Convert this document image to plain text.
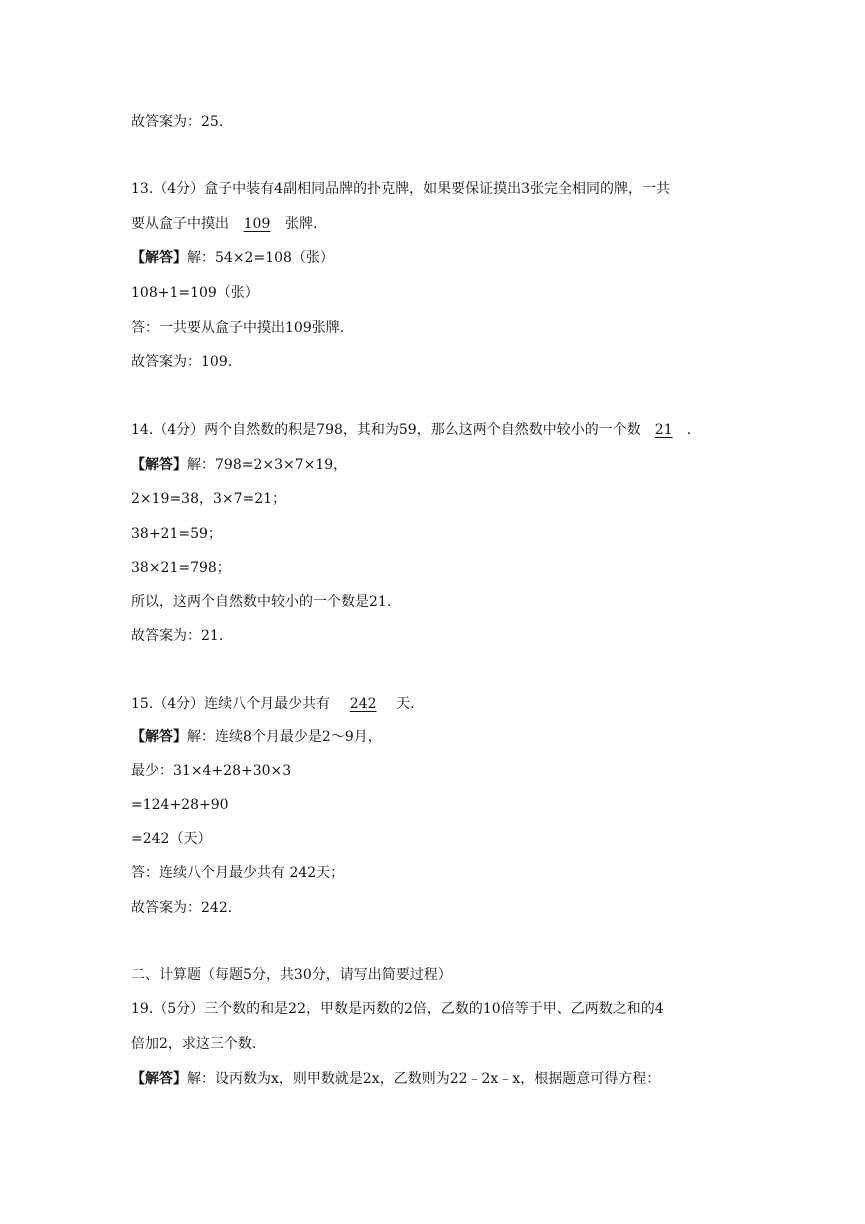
故答案为：25.
13.（4分）盒子中装有4副相同品牌的扑克牌，如果要保证摸出3张完全相同的牌，一共
要从盒子中摸出 109 张牌.
【解答】解：54×2=108（张）
108+1=109（张）
答：一共要从盒子中摸出109张牌.
故答案为：109.
14.（4分）两个自然数的积是798，其和为59，那么这两个自然数中较小的一个数 21 .
【解答】解：798=2×3×7×19，
2×19=38，3×7=21；
38+21=59；
38×21=798；
所以，这两个自然数中较小的一个数是21.
故答案为：21.
15.（4分）连续八个月最少共有 242 天.
【解答】解：连续8个月最少是2～9月，
最少：31×4+28+30×3
=124+28+90
=242（天）
答：连续八个月最少共有 242天；
故答案为：242.
二、计算题（每题5分，共30分，请写出简要过程）
19.（5分）三个数的和是22，甲数是丙数的2倍，乙数的10倍等于甲、乙两数之和的4
倍加2，求这三个数.
【解答】解：设丙数为x，则甲数就是2x，乙数则为22﹣2x﹣x，根据题意可得方程：
